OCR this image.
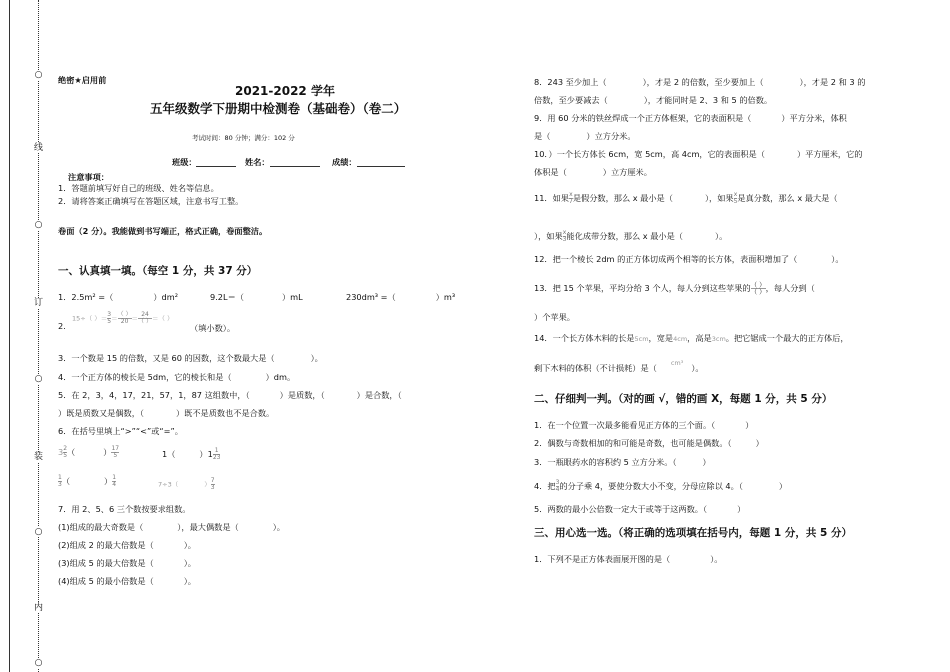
○
线
○
订
○
装
○
内
○
绝密★启用前
2021-2022 学年
五年级数学下册期中检测卷（基础卷）（卷二）
考试时间：80 分钟；满分：102 分
班级：	姓名：	成绩：
注意事项：
1．答题前填写好自己的班级、姓名等信息。
2．请将答案正确填写在答题区域，注意书写工整。
卷面（2 分）。我能做到书写端正，格式正确，卷面整洁。
一、认真填一填。（每空 1 分，共 37 分）
1．2.5m² =（	）dm²	9.2L＝（	）mL	230dm³ =（	）m³
2.
15÷（ ）＝ $\frac{3}{5} = \frac{( )}{20} = \frac{24}{( )}$ ＝（ ）
（填小数）。
3．一个数是 15 的倍数，又是 60 的因数，这个数最大是（	）。
4．一个正方体的棱长是 5dm，它的棱长和是（	）dm。
5．在 2，3，4，17，21，57，1，87 这组数中，（	）是质数，（	）是合数，（
）既是质数又是偶数，（	）既不是质数也不是合数。
6．在括号里填上“>”“<”或“=”。
$3 \frac{2}{5}$ （	） $\frac{17}{5}$	1（	）$1 \frac{1}{23}$
$\frac{1}{3}$ （	） $\frac{1}{4}$	7÷3（	） $\frac{7}{3}$
7．用 2、5、6 三个数按要求组数。
(1)组成的最大奇数是（	），最大偶数是（	）。
(2)组成 2 的最大倍数是（	）。
(3)组成 5 的最大倍数是（	）。
(4)组成 5 的最小倍数是（	）。
8．243 至少加上（	），才是 2 的倍数，至少要加上（	），才是 2 和 3 的
倍数，至少要减去（	），才能同时是 2、3 和 5 的倍数。
9．用 60 分米的铁丝焊成一个正方体框架，它的表面积是（	）平方分米，体积
是（	）立方分米。
10．）一个长方体长 6cm，宽 5cm，高 4cm，它的表面积是（	）平方厘米，它的
体积是（	）立方厘米。
11．如果 $\frac{x}{7}$ 是假分数，那么 x 最小是（	），如果 $\frac{x}{5}$ 是真分数，那么 x 最大是（
），如果 $\frac{x}{3}$ 能化成带分数，那么 x 最小是（	）。
12．把一个棱长 2dm 的正方体切成两个相等的长方体，表面积增加了（	）。
13．把 15 个苹果，平均分给 3 个人，每人分到这些苹果的 $\frac{( )}{( )}$ ，每人分到（
）个苹果。
14．一个长方体木料的长是5cm，宽是4cm，高是3cm。把它锯成一个最大的正方体后，
剩下木料的体积（不计损耗）是（ $^{cm^3}$ ）。
二、仔细判一判。（对的画 √，错的画 X，每题 1 分，共 5 分）
1．在一个位置一次最多能看见正方体的三个面。（	）
2．偶数与奇数相加的和可能是奇数，也可能是偶数。（	）
3．一瓶眼药水的容积约 5 立方分米。（	）
4．把 $\frac{3}{4}$ 的分子乘 4，要使分数大小不变，分母应除以 4。（	）
5．两数的最小公倍数一定大于或等于这两数。（	）
三、用心选一选。（将正确的选项填在括号内，每题 1 分，共 5 分）
1．下列不是正方体表面展开图的是（	）。
